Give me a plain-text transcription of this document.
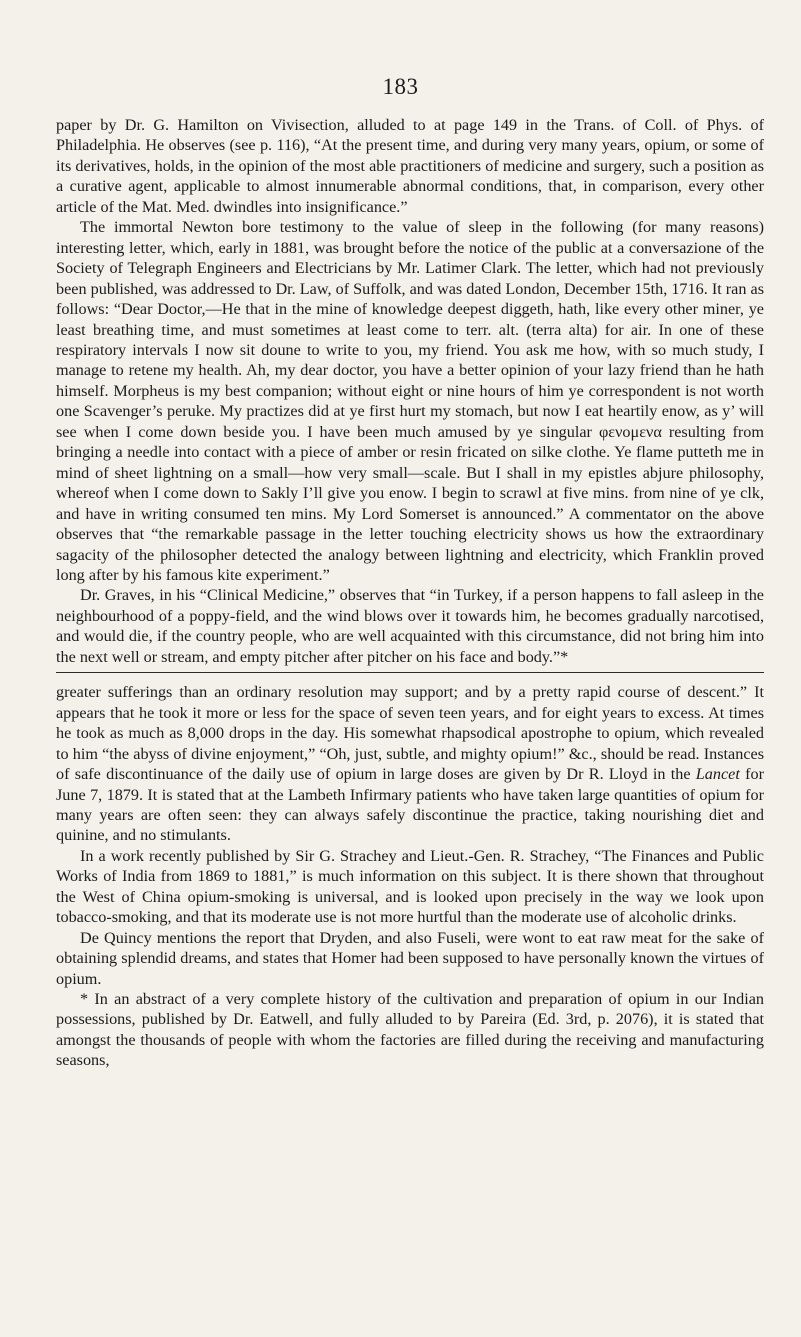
183

paper by Dr. G. Hamilton on Vivisection, alluded to at page 149 in the Trans. of Coll. of Phys. of Philadelphia. He observes (see p. 116), “At the present time, and during very many years, opium, or some of its derivatives, holds, in the opinion of the most able practitioners of medicine and surgery, such a position as a curative agent, applicable to almost innumerable abnormal conditions, that, in comparison, every other article of the Mat. Med. dwindles into insignificance.”

The immortal Newton bore testimony to the value of sleep in the following (for many reasons) interesting letter, which, early in 1881, was brought before the notice of the public at a conversazione of the Society of Telegraph Engineers and Electricians by Mr. Latimer Clark. The letter, which had not previously been published, was addressed to Dr. Law, of Suffolk, and was dated London, December 15th, 1716. It ran as follows: “Dear Doctor,—He that in the mine of knowledge deepest diggeth, hath, like every other miner, ye least breathing time, and must sometimes at least come to terr. alt. (terra alta) for air. In one of these respiratory intervals I now sit doune to write to you, my friend. You ask me how, with so much study, I manage to retene my health. Ah, my dear doctor, you have a better opinion of your lazy friend than he hath himself. Morpheus is my best companion; without eight or nine hours of him ye correspondent is not worth one Scavenger’s peruke. My practizes did at ye first hurt my stomach, but now I eat heartily enow, as y’ will see when I come down beside you. I have been much amused by ye singular φενομενα resulting from bringing a needle into contact with a piece of amber or resin fricated on silke clothe. Ye flame putteth me in mind of sheet lightning on a small—how very small—scale. But I shall in my epistles abjure philosophy, whereof when I come down to Sakly I’ll give you enow. I begin to scrawl at five mins. from nine of ye clk, and have in writing consumed ten mins. My Lord Somerset is announced.” A commentator on the above observes that “the remarkable passage in the letter touching electricity shows us how the extraordinary sagacity of the philosopher detected the analogy between lightning and electricity, which Franklin proved long after by his famous kite experiment.”

Dr. Graves, in his “Clinical Medicine,” observes that “in Turkey, if a person happens to fall asleep in the neighbourhood of a poppy-field, and the wind blows over it towards him, he becomes gradually narcotised, and would die, if the country people, who are well acquainted with this circumstance, did not bring him into the next well or stream, and empty pitcher after pitcher on his face and body.”*

greater sufferings than an ordinary resolution may support; and by a pretty rapid course of descent.” It appears that he took it more or less for the space of seven teen years, and for eight years to excess. At times he took as much as 8,000 drops in the day. His somewhat rhapsodical apostrophe to opium, which revealed to him “the abyss of divine enjoyment,” “Oh, just, subtle, and mighty opium!” &c., should be read. Instances of safe discontinuance of the daily use of opium in large doses are given by Dr R. Lloyd in the Lancet for June 7, 1879. It is stated that at the Lambeth Infirmary patients who have taken large quantities of opium for many years are often seen: they can always safely discontinue the practice, taking nourishing diet and quinine, and no stimulants.

In a work recently published by Sir G. Strachey and Lieut.-Gen. R. Strachey, “The Finances and Public Works of India from 1869 to 1881,” is much information on this subject. It is there shown that throughout the West of China opium-smoking is universal, and is looked upon precisely in the way we look upon tobacco-smoking, and that its moderate use is not more hurtful than the moderate use of alcoholic drinks.

De Quincy mentions the report that Dryden, and also Fuseli, were wont to eat raw meat for the sake of obtaining splendid dreams, and states that Homer had been supposed to have personally known the virtues of opium.

* In an abstract of a very complete history of the cultivation and preparation of opium in our Indian possessions, published by Dr. Eatwell, and fully alluded to by Pareira (Ed. 3rd, p. 2076), it is stated that amongst the thousands of people with whom the factories are filled during the receiving and manufacturing seasons,
